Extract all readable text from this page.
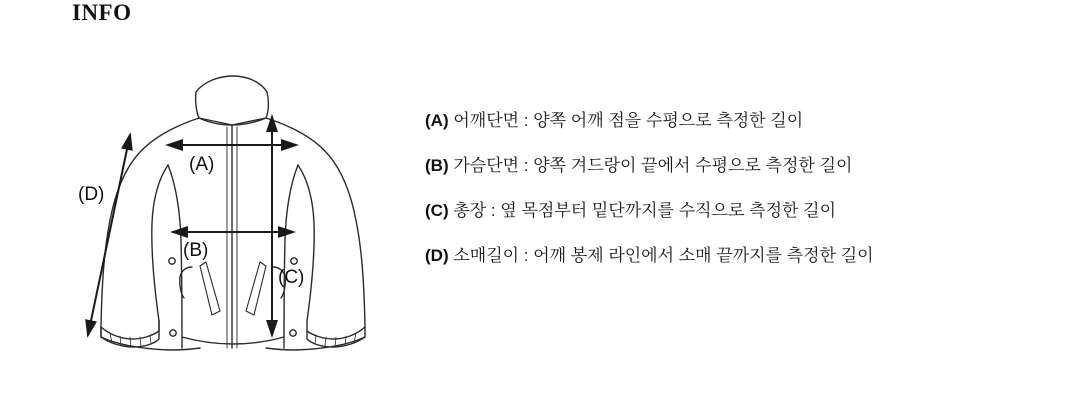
INFO
(A)
(B)
(C)
(D)
(A) 어깨단면 : 양쪽 어깨 점을 수평으로 측정한 길이
(B) 가슴단면 : 양쪽 겨드랑이 끝에서 수평으로 측정한 길이
(C) 총장 : 옆 목점부터 밑단까지를 수직으로 측정한 길이
(D) 소매길이 : 어깨 봉제 라인에서 소매 끝까지를 측정한 길이
